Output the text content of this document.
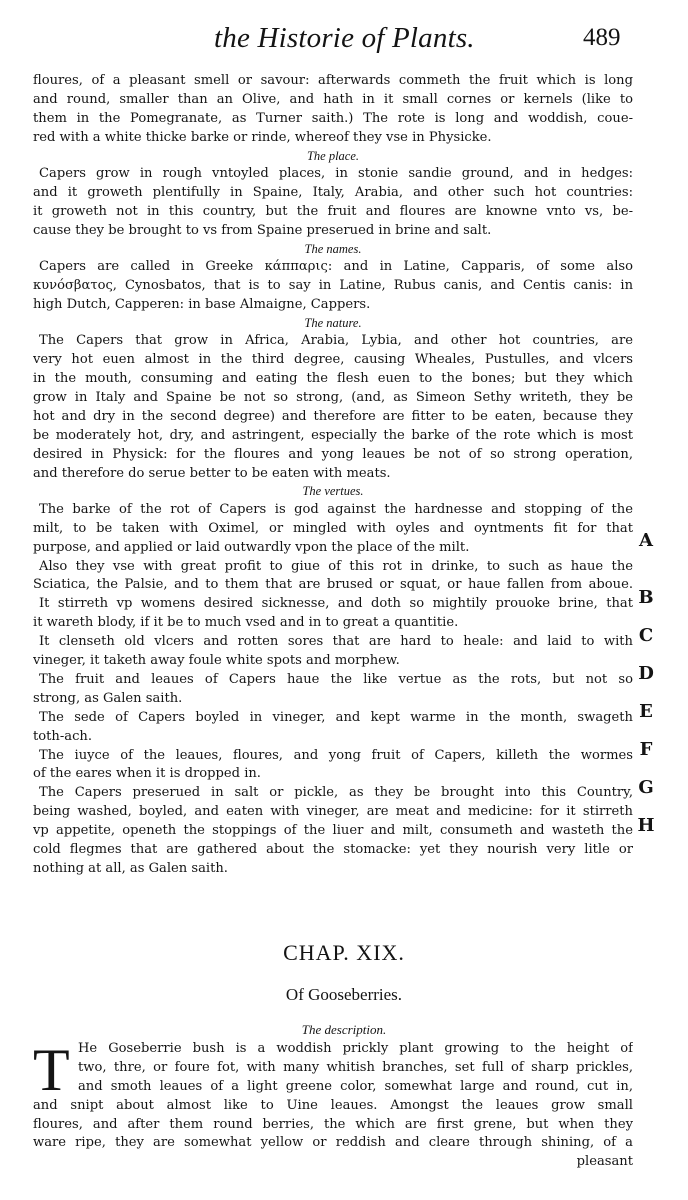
the Historie of Plants.	489
floures, of a pleasant smell or savour: afterwards commeth the fruit which is long
and round, smaller than an Olive, and hath in it small cornes or kernels (like to
them in the Pomegranate, as Turner saith.) The rote is long and woddish, coue-
red with a white thicke barke or rinde, whereof they vse in Physicke.
The place.
Capers grow in rough vntoyled places, in stonie sandie ground, and in hedges:
and it groweth plentifully in Spaine, Italy, Arabia, and other such hot countries:
it groweth not in this country, but the fruit and floures are knowne vnto vs, be-
cause they be brought to vs from Spaine preserued in brine and salt.
The names.
Capers are called in Greeke κάππαρις: and in Latine, Capparis, of some also
κυνόσβατος, Cynosbatos, that is to say in Latine, Rubus canis, and Centis canis: in
high Dutch, Capperen: in base Almaigne, Cappers.
The nature.
The Capers that grow in Africa, Arabia, Lybia, and other hot countries, are
very hot euen almost in the third degree, causing Wheales, Pustulles, and vlcers
in the mouth, consuming and eating the flesh euen to the bones; but they which
grow in Italy and Spaine be not so strong, (and, as Simeon Sethy writeth, they be
hot and dry in the second degree) and therefore are fitter to be eaten, because they
be moderately hot, dry, and astringent, especially the barke of the rote which is most
desired in Physick: for the floures and yong leaues be not of so strong operation,
and therefore do serue better to be eaten with meats.
The vertues.
The barke of the rot of Capers is god against the hardnesse and stopping of the
milt, to be taken with Oximel, or mingled with oyles and oyntments fit for that
purpose, and applied or laid outwardly vpon the place of the milt.
Also they vse with great profit to giue of this rot in drinke, to such as haue the
Sciatica, the Palsie, and to them that are brused or squat, or haue fallen from aboue.
It stirreth vp womens desired sicknesse, and doth so mightily prouoke brine, that
it wareth blody, if it be to much vsed and in to great a quantitie.
It clenseth old vlcers and rotten sores that are hard to heale: and laid to with
vineger, it taketh away foule white spots and morphew.
The fruit and leaues of Capers haue the like vertue as the rots, but not so
strong, as Galen saith.
The sede of Capers boyled in vineger, and kept warme in the month, swageth
toth-ach.
The iuyce of the leaues, floures, and yong fruit of Capers, killeth the wormes
of the eares when it is dropped in.
The Capers preserued in salt or pickle, as they be brought into this Country,
being washed, boyled, and eaten with vineger, are meat and medicine: for it stirreth
vp appetite, openeth the stoppings of the liuer and milt, consumeth and wasteth the
cold flegmes that are gathered about the stomacke: yet they nourish very litle or
nothing at all, as Galen saith.
A
B
C
D
E
F
G
H
CHAP. XIX.
Of Gooseberries.
The description.
T He Goseberrie bush is a woddish prickly plant growing to the height of
two, thre, or foure fot, with many whitish branches, set full of sharp prickles,
and smoth leaues of a light greene color, somewhat large and round, cut in,
and snipt about almost like to Uine leaues. Amongst the leaues grow small
floures, and after them round berries, the which are first grene, but when they
ware ripe, they are somewhat yellow or reddish and cleare through shining, of a
pleasant
